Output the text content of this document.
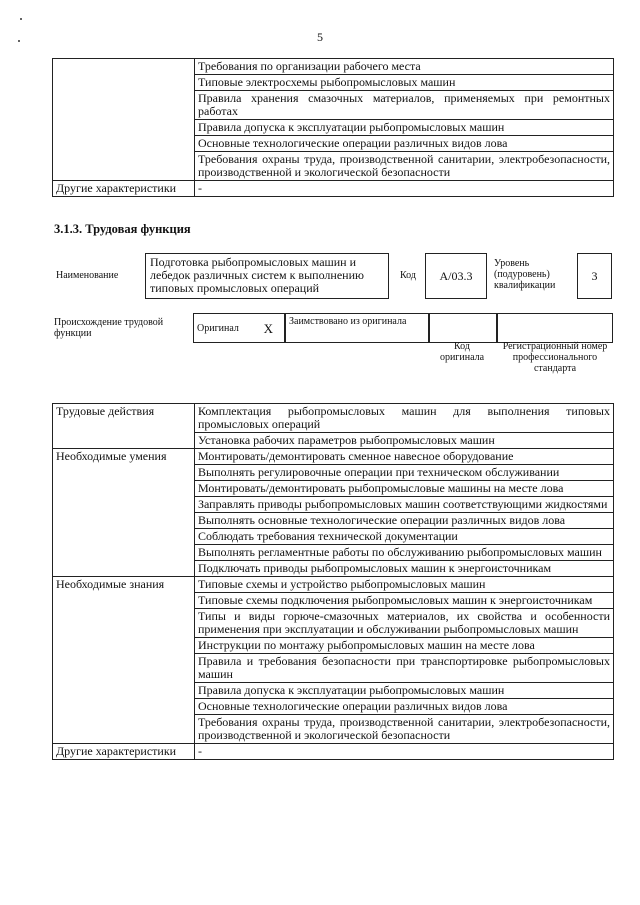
5
	Требования по организации рабочего места
	Типовые электросхемы рыбопромысловых машин
	Правила хранения смазочных материалов, применяемых при ремонтных работах
	Правила допуска к эксплуатации рыбопромысловых машин
	Основные технологические операции различных видов лова
	Требования охраны труда, производственной санитарии, электробезопасности, производственной и экологической безопасности
Другие характеристики	-
3.1.3. Трудовая функция
Наименование
Подготовка рыбопромысловых машин и лебедок различных систем к выполнению типовых промысловых операций
Код	А/03.3
Уровень (подуровень) квалификации
3
Происхождение трудовой функции	Оригинал X	Заимствовано из оригинала
Код оригинала
Регистрационный номер профессионального стандарта
Трудовые действия	Комплектация рыбопромысловых машин для выполнения типовых промысловых операций
	Установка рабочих параметров рыбопромысловых машин
Необходимые умения	Монтировать/демонтировать сменное навесное оборудование
	Выполнять регулировочные операции при техническом обслуживании
	Монтировать/демонтировать рыбопромысловые машины на месте лова
	Заправлять приводы рыбопромысловых машин соответствующими жидкостями
	Выполнять основные технологические операции различных видов лова
	Соблюдать требования технической документации
	Выполнять регламентные работы по обслуживанию рыбопромысловых машин
	Подключать приводы рыбопромысловых машин к энергоисточникам
Необходимые знания	Типовые схемы и устройство рыбопромысловых машин
	Типовые схемы подключения рыбопромысловых машин к энергоисточникам
	Типы и виды горюче-смазочных материалов, их свойства и особенности применения при эксплуатации и обслуживании рыбопромысловых машин
	Инструкции по монтажу рыбопромысловых машин на месте лова
	Правила и требования безопасности при транспортировке рыбопромысловых машин
	Правила допуска к эксплуатации рыбопромысловых машин
	Основные технологические операции различных видов лова
	Требования охраны труда, производственной санитарии, электробезопасности, производственной и экологической безопасности
Другие характеристики	-
